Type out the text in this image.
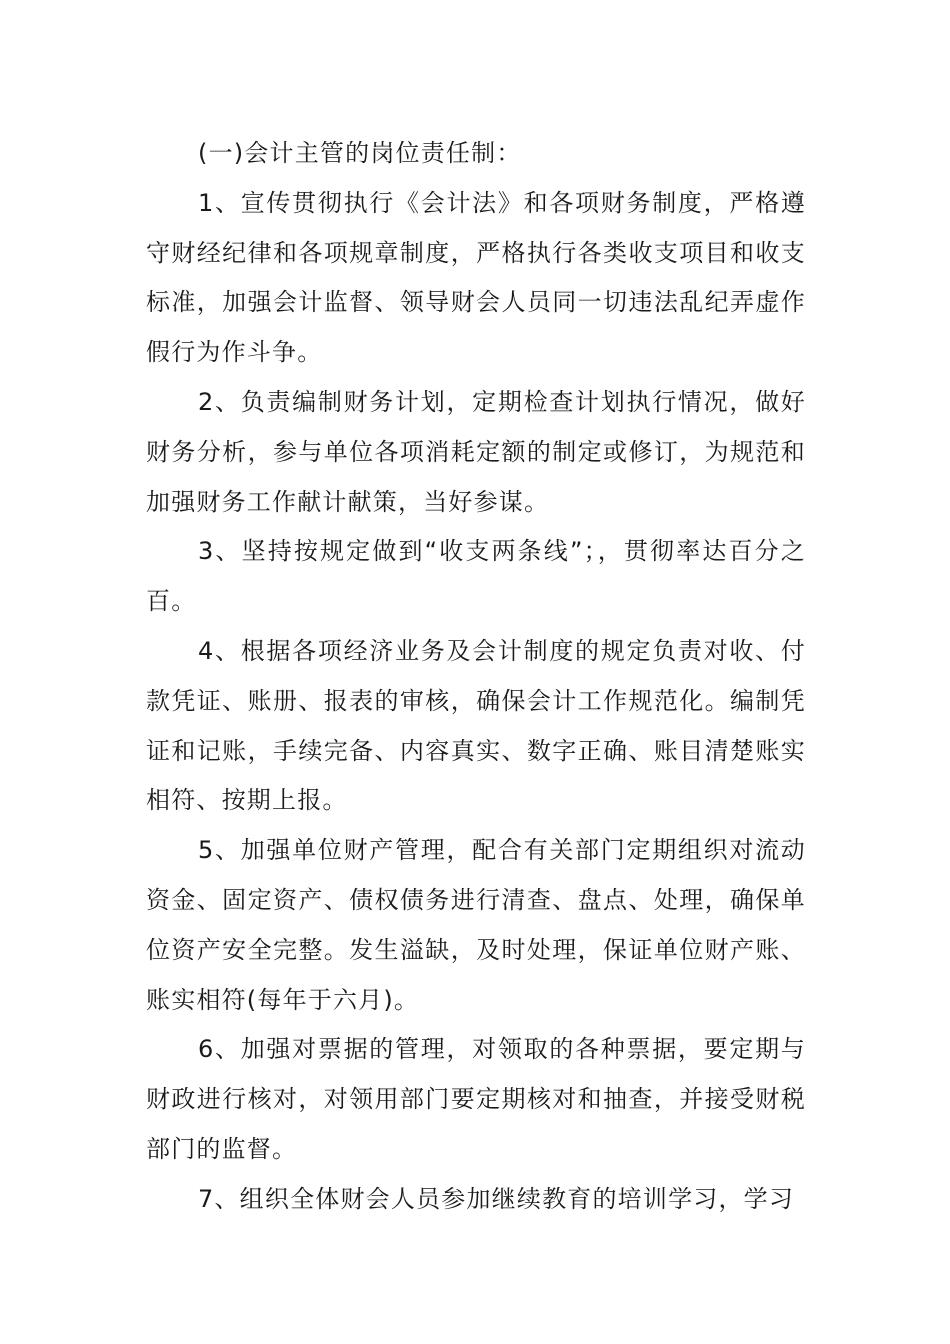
(一)会计主管的岗位责任制：

1、宣传贯彻执行《会计法》和各项财务制度，严格遵守财经纪律和各项规章制度，严格执行各类收支项目和收支标准，加强会计监督、领导财会人员同一切违法乱纪弄虚作假行为作斗争。

2、负责编制财务计划，定期检查计划执行情况，做好财务分析，参与单位各项消耗定额的制定或修订，为规范和加强财务工作献计献策，当好参谋。

3、坚持按规定做到“收支两条线”；，贯彻率达百分之百。

4、根据各项经济业务及会计制度的规定负责对收、付款凭证、账册、报表的审核，确保会计工作规范化。编制凭证和记账，手续完备、内容真实、数字正确、账目清楚账实相符、按期上报。

5、加强单位财产管理，配合有关部门定期组织对流动资金、固定资产、债权债务进行清查、盘点、处理，确保单位资产安全完整。发生溢缺，及时处理，保证单位财产账、账实相符(每年于六月)。

6、加强对票据的管理，对领取的各种票据，要定期与财政进行核对，对领用部门要定期核对和抽查，并接受财税部门的监督。

7、组织全体财会人员参加继续教育的培训学习，学习
